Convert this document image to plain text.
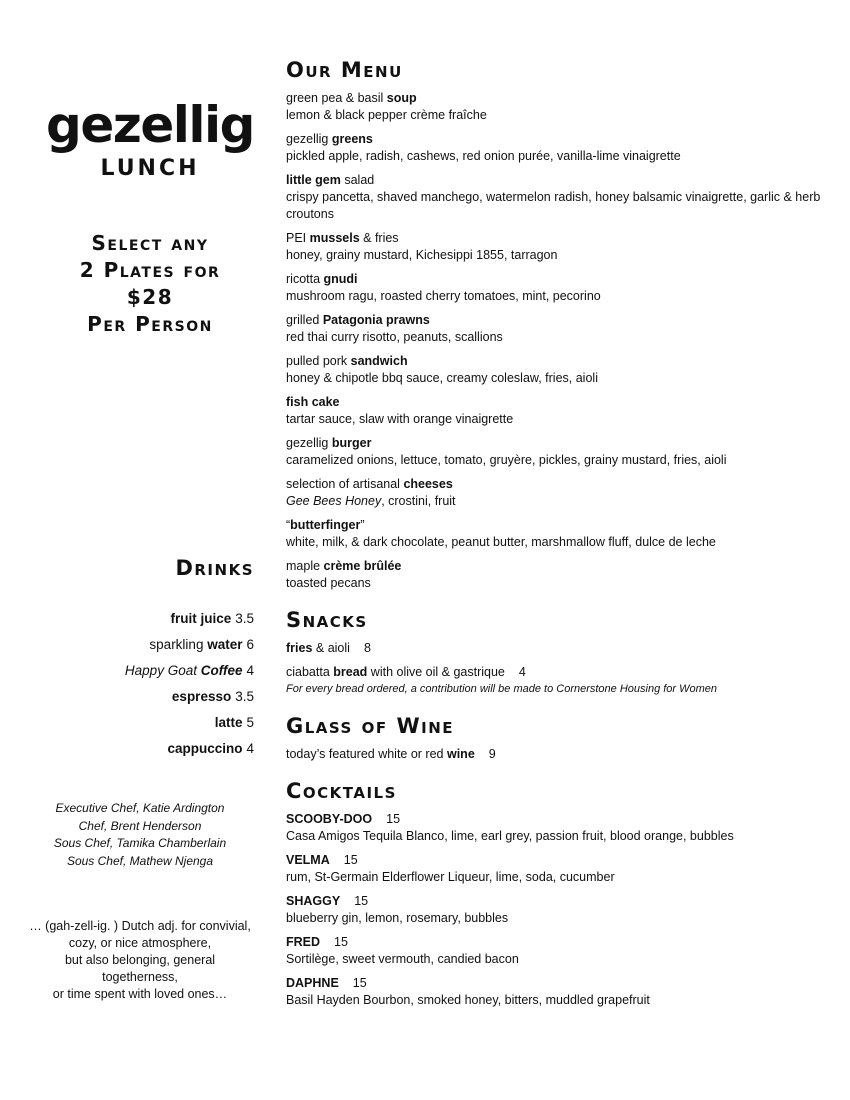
gezellig
LUNCH
Select any
2 Plates for
$28
Per Person
Drinks
fruit juice 3.5
sparkling water 6
Happy Goat Coffee 4
espresso 3.5
latte 5
cappuccino 4
Executive Chef, Katie Ardington
Chef, Brent Henderson
Sous Chef, Tamika Chamberlain
Sous Chef, Mathew Njenga
… (gah-zell-ig. ) Dutch adj. for convivial,
cozy, or nice atmosphere,
but also belonging, general
togetherness,
or time spent with loved ones…
Our Menu
green pea & basil soup
lemon & black pepper crème fraîche
gezellig greens
pickled apple, radish, cashews, red onion purée, vanilla-lime vinaigrette
little gem salad
crispy pancetta, shaved manchego, watermelon radish, honey balsamic vinaigrette, garlic & herb croutons
PEI mussels & fries
honey, grainy mustard, Kichesippi 1855, tarragon
ricotta gnudi
mushroom ragu, roasted cherry tomatoes, mint, pecorino
grilled Patagonia prawns
red thai curry risotto, peanuts, scallions
pulled pork sandwich
honey & chipotle bbq sauce, creamy coleslaw, fries, aioli
fish cake
tartar sauce, slaw with orange vinaigrette
gezellig burger
caramelized onions, lettuce, tomato, gruyère, pickles, grainy mustard, fries, aioli
selection of artisanal cheeses
Gee Bees Honey, crostini, fruit
“butterfinger”
white, milk, & dark chocolate, peanut butter, marshmallow fluff, dulce de leche
maple crème brûlée
toasted pecans
Snacks
fries & aioli 8
ciabatta bread with olive oil & gastrique 4
For every bread ordered, a contribution will be made to Cornerstone Housing for Women
Glass of Wine
today’s featured white or red wine 9
Cocktails
SCOOBY-DOO 15
Casa Amigos Tequila Blanco, lime, earl grey, passion fruit, blood orange, bubbles
VELMA 15
rum, St-Germain Elderflower Liqueur, lime, soda, cucumber
SHAGGY 15
blueberry gin, lemon, rosemary, bubbles
FRED 15
Sortilège, sweet vermouth, candied bacon
DAPHNE 15
Basil Hayden Bourbon, smoked honey, bitters, muddled grapefruit
